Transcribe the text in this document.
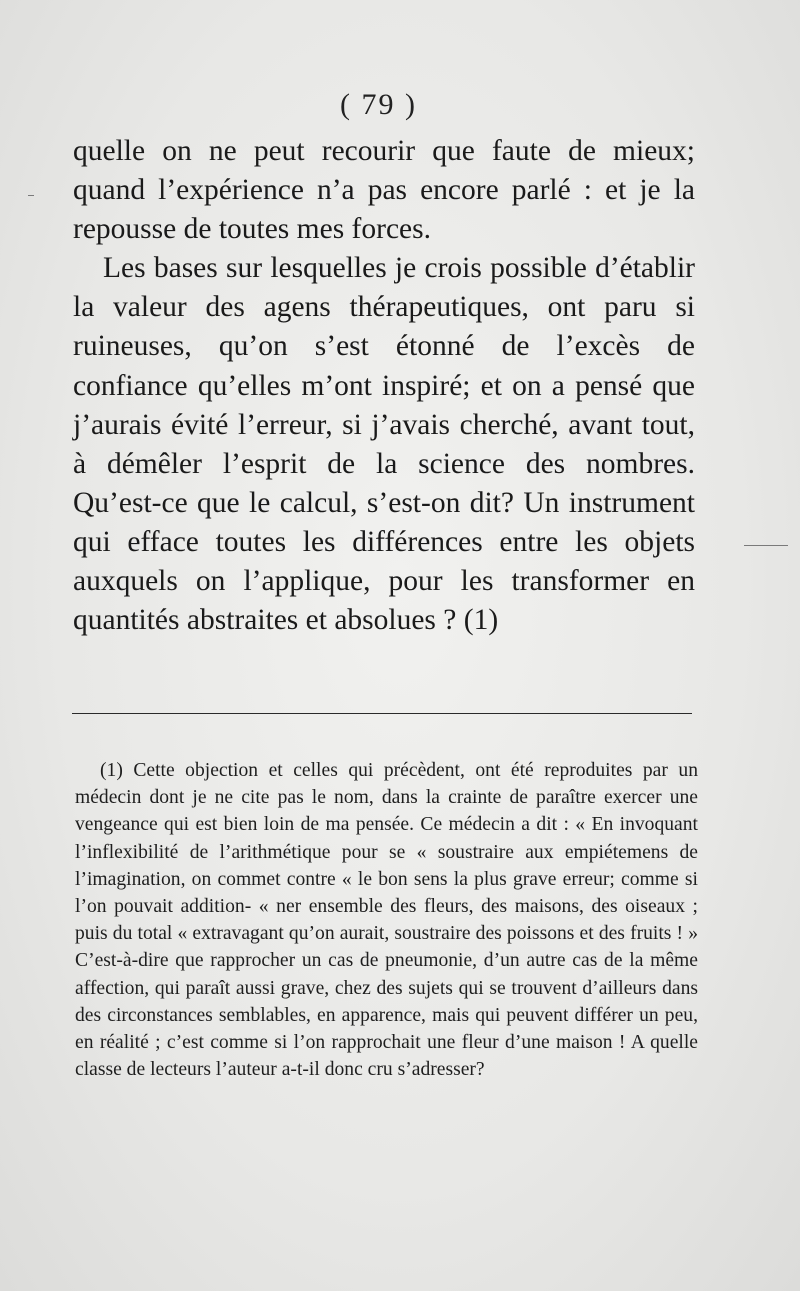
( 79 )

quelle on ne peut recourir que faute de mieux; quand l’expérience n’a pas encore parlé : et je la repousse de toutes mes forces.

Les bases sur lesquelles je crois possible d’établir la valeur des agens thérapeutiques, ont paru si ruineuses, qu’on s’est étonné de l’excès de confiance qu’elles m’ont inspiré; et on a pensé que j’aurais évité l’erreur, si j’avais cherché, avant tout, à démêler l’esprit de la science des nombres. Qu’est-ce que le calcul, s’est-on dit? Un instrument qui efface toutes les différences entre les objets auxquels on l’applique, pour les transformer en quantités abstraites et absolues ? (1)

(1) Cette objection et celles qui précèdent, ont été reproduites par un médecin dont je ne cite pas le nom, dans la crainte de paraître exercer une vengeance qui est bien loin de ma pensée. Ce médecin a dit : « En invoquant l’inflexibilité de l’arithmétique pour se « soustraire aux empiétemens de l’imagination, on commet contre « le bon sens la plus grave erreur; comme si l’on pouvait addition- « ner ensemble des fleurs, des maisons, des oiseaux ; puis du total « extravagant qu’on aurait, soustraire des poissons et des fruits ! » C’est-à-dire que rapprocher un cas de pneumonie, d’un autre cas de la même affection, qui paraît aussi grave, chez des sujets qui se trouvent d’ailleurs dans des circonstances semblables, en apparence, mais qui peuvent différer un peu, en réalité ; c’est comme si l’on rapprochait une fleur d’une maison ! A quelle classe de lecteurs l’auteur a-t-il donc cru s’adresser?
